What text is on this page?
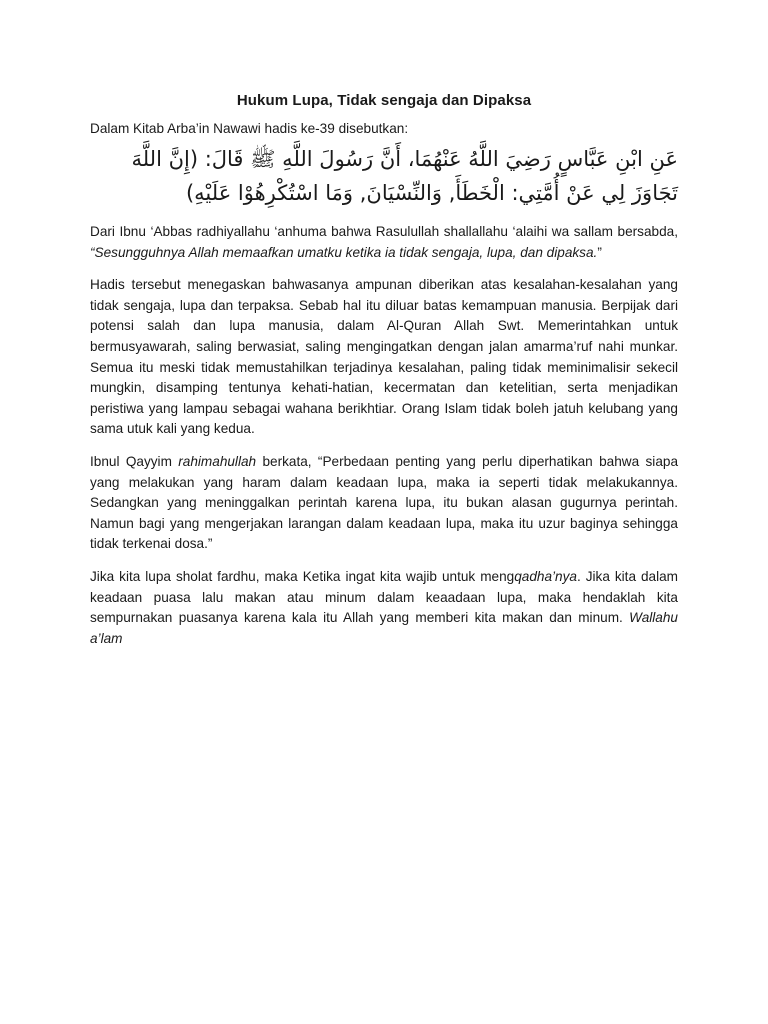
Hukum Lupa, Tidak sengaja dan Dipaksa
Dalam Kitab Arba’in Nawawi hadis ke-39 disebutkan:
عَنِ ابْنِ عَبَّاسٍ رَضِيَ اللَّهُ عَنْهُمَا، أَنَّ رَسُولَ اللَّهِ ﷺ قَالَ: (إِنَّ اللَّهَ تَجَاوَزَ لِي عَنْ أُمَّتِي: الْخَطَأَ, وَالنِّسْيَانَ, وَمَا اسْتُكْرِهُوْا عَلَيْهِ)
Dari Ibnu ‘Abbas radhiyallahu ‘anhuma bahwa Rasulullah shallallahu ‘alaihi wa sallam bersabda, “Sesungguhnya Allah memaafkan umatku ketika ia tidak sengaja, lupa, dan dipaksa.”
Hadis tersebut menegaskan bahwasanya ampunan diberikan atas kesalahan-kesalahan yang tidak sengaja, lupa dan terpaksa. Sebab hal itu diluar batas kemampuan manusia. Berpijak dari potensi salah dan lupa manusia, dalam Al-Quran Allah Swt. Memerintahkan untuk bermusyawarah, saling berwasiat, saling mengingatkan dengan jalan amarma’ruf nahi munkar. Semua itu meski tidak memustahilkan terjadinya kesalahan, paling tidak meminimalisir sekecil mungkin, disamping tentunya kehati-hatian, kecermatan dan ketelitian, serta menjadikan peristiwa yang lampau sebagai wahana berikhtiar. Orang Islam tidak boleh jatuh kelubang yang sama utuk kali yang kedua.
Ibnul Qayyim rahimahullah berkata, “Perbedaan penting yang perlu diperhatikan bahwa siapa yang melakukan yang haram dalam keadaan lupa, maka ia seperti tidak melakukannya. Sedangkan yang meninggalkan perintah karena lupa, itu bukan alasan gugurnya perintah. Namun bagi yang mengerjakan larangan dalam keadaan lupa, maka itu uzur baginya sehingga tidak terkenai dosa.”
Jika kita lupa sholat fardhu, maka Ketika ingat kita wajib untuk mengqadha’nya. Jika kita dalam keadaan puasa lalu makan atau minum dalam keaadaan lupa, maka hendaklah kita sempurnakan puasanya karena kala itu Allah yang memberi kita makan dan minum. Wallahu a’lam
